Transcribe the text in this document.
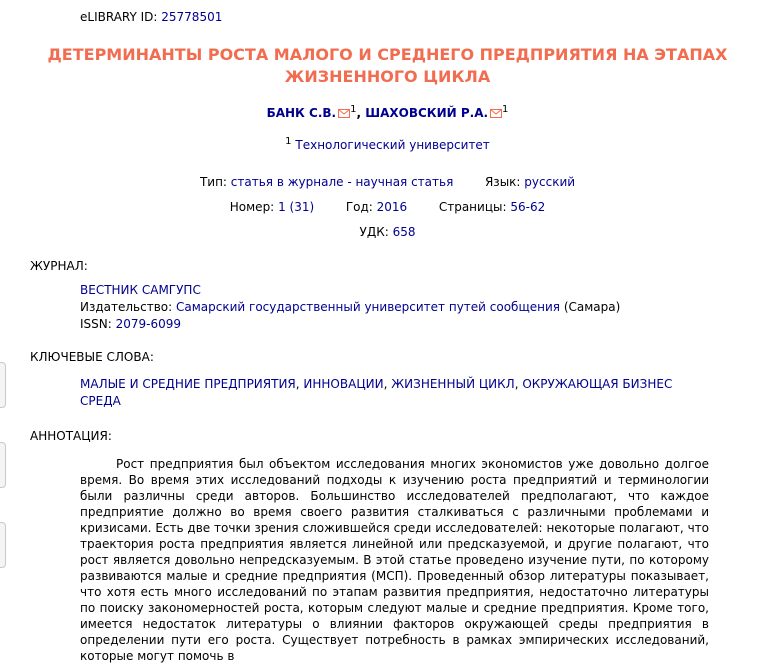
eLIBRARY ID: 25778501
ДЕТЕРМИНАНТЫ РОСТА МАЛОГО И СРЕДНЕГО ПРЕДПРИЯТИЯ НА ЭТАПАХ ЖИЗНЕННОГО ЦИКЛА
БАНК С.В. $^1$, ШАХОВСКИЙ Р.А. $^1$
$^1$ Технологический университет
Тип: статья в журнале - научная статья	Язык: русский
Номер: 1 (31)	Год: 2016	Страницы: 56-62
УДК: 658
ЖУРНАЛ:
ВЕСТНИК САМГУПС
Издательство: Самарский государственный университет путей сообщения (Самара)
ISSN: 2079-6099
КЛЮЧЕВЫЕ СЛОВА:
МАЛЫЕ И СРЕДНИЕ ПРЕДПРИЯТИЯ, ИННОВАЦИИ, ЖИЗНЕННЫЙ ЦИКЛ, ОКРУЖАЮЩАЯ БИЗНЕС СРЕДА
АННОТАЦИЯ:
Рост предприятия был объектом исследования многих экономистов уже довольно долгое время. Во время этих исследований подходы к изучению роста предприятий и терминологии были различны среди авторов. Большинство исследователей предполагают, что каждое предприятие должно во время своего развития сталкиваться с различными проблемами и кризисами. Есть две точки зрения сложившейся среди исследователей: некоторые полагают, что траектория роста предприятия является линейной или предсказуемой, и другие полагают, что рост является довольно непредсказуемым. В этой статье проведено изучение пути, по которому развиваются малые и средние предприятия (МСП). Проведенный обзор литературы показывает, что хотя есть много исследований по этапам развития предприятия, недостаточно литературы по поиску закономерностей роста, которым следуют малые и средние предприятия. Кроме того, имеется недостаток литературы о влиянии факторов окружающей среды предприятия в определении пути его роста. Существует потребность в рамках эмпирических исследований, которые могут помочь в
